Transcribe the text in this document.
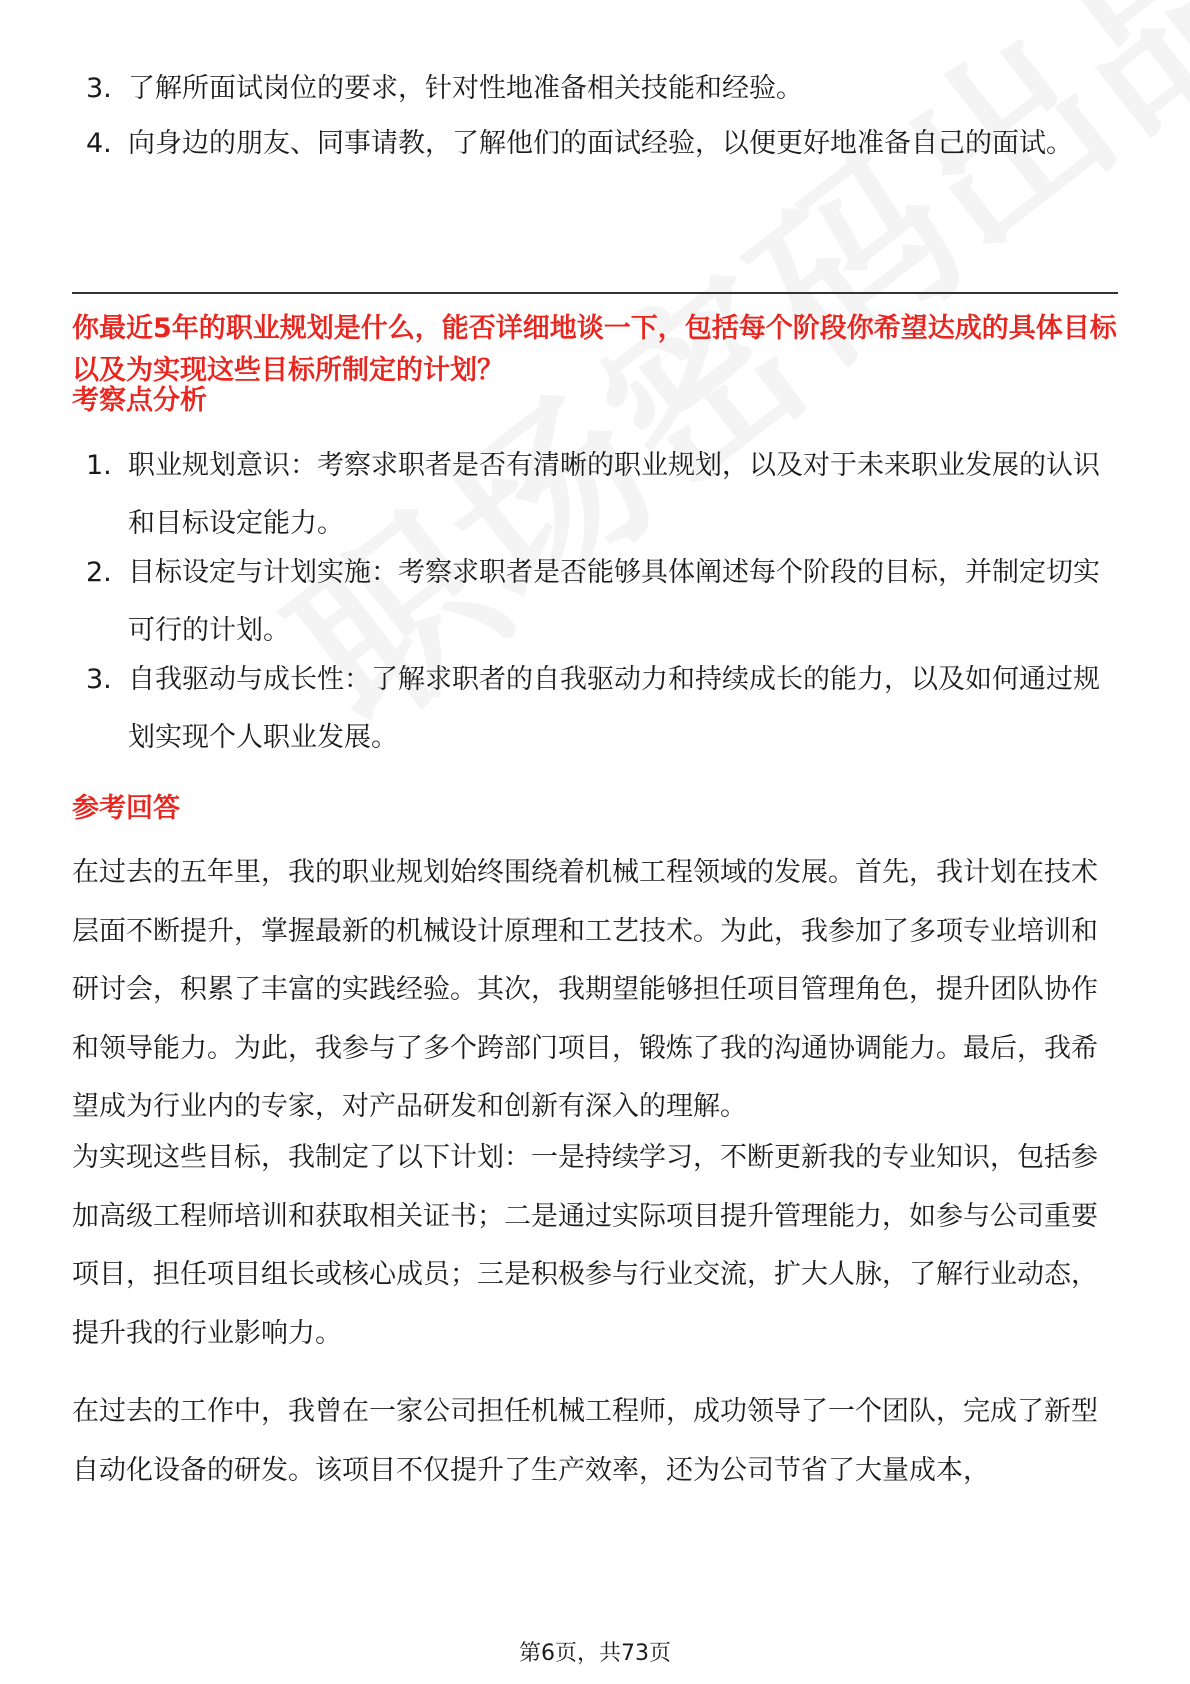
3. 了解所面试岗位的要求，针对性地准备相关技能和经验。
4. 向身边的朋友、同事请教，了解他们的面试经验，以便更好地准备自己的面试。
你最近5年的职业规划是什么，能否详细地谈一下，包括每个阶段你希望达成的具体目标以及为实现这些目标所制定的计划？
考察点分析
1. 职业规划意识：考察求职者是否有清晰的职业规划，以及对于未来职业发展的认识和目标设定能力。
2. 目标设定与计划实施：考察求职者是否能够具体阐述每个阶段的目标，并制定切实可行的计划。
3. 自我驱动与成长性：了解求职者的自我驱动力和持续成长的能力，以及如何通过规划实现个人职业发展。
参考回答

在过去的五年里，我的职业规划始终围绕着机械工程领域的发展。首先，我计划在技术层面不断提升，掌握最新的机械设计原理和工艺技术。为此，我参加了多项专业培训和研讨会，积累了丰富的实践经验。其次，我期望能够担任项目管理角色，提升团队协作和领导能力。为此，我参与了多个跨部门项目，锻炼了我的沟通协调能力。最后，我希望成为行业内的专家，对产品研发和创新有深入的理解。

为实现这些目标，我制定了以下计划：一是持续学习，不断更新我的专业知识，包括参加高级工程师培训和获取相关证书；二是通过实际项目提升管理能力，如参与公司重要项目，担任项目组长或核心成员；三是积极参与行业交流，扩大人脉，了解行业动态，提升我的行业影响力。

在过去的工作中，我曾在一家公司担任机械工程师，成功领导了一个团队，完成了新型自动化设备的研发。该项目不仅提升了生产效率，还为公司节省了大量成本，

第6页，共73页
